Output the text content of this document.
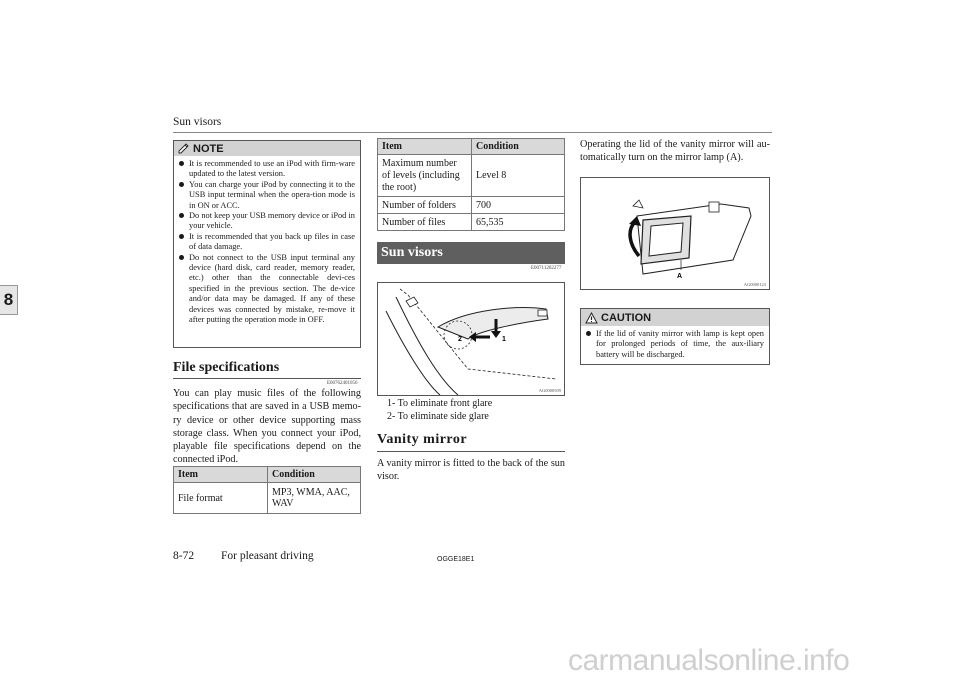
Sun visors
8
NOTE
It is recommended to use an iPod with firm-ware updated to the latest version.
You can charge your iPod by connecting it to the USB input terminal when the opera-tion mode is in ON or ACC.
Do not keep your USB memory device or iPod in your vehicle.
It is recommended that you back up files in case of data damage.
Do not connect to the USB input terminal any device (hard disk, card reader, memory reader, etc.) other than the connectable devi-ces specified in the previous section. The de-vice and/or data may be damaged. If any of these devices was connected by mistake, re-move it after putting the operation mode in OFF.
File specifications
E00762401056
You can play music files of the following specifications that are saved in a USB memo-ry device or other device supporting mass storage class. When you connect your iPod, playable file specifications depend on the connected iPod.
Item	Condition
File format	MP3, WMA, AAC, WAV
Item	Condition
Maximum number of levels (including the root)	Level 8
Number of folders	700
Number of files	65,535
Sun visors
E00711202277
1
2
AG0000509
1- To eliminate front glare
2- To eliminate side glare
Vanity mirror
A vanity mirror is fitted to the back of the sun visor.
Operating the lid of the vanity mirror will au-tomatically turn on the mirror lamp (A).
A
AG0000123
CAUTION
If the lid of vanity mirror with lamp is kept open for prolonged periods of time, the aux-iliary battery will be discharged.
8-72 For pleasant driving	OGGE18E1
carmanualsonline.info
